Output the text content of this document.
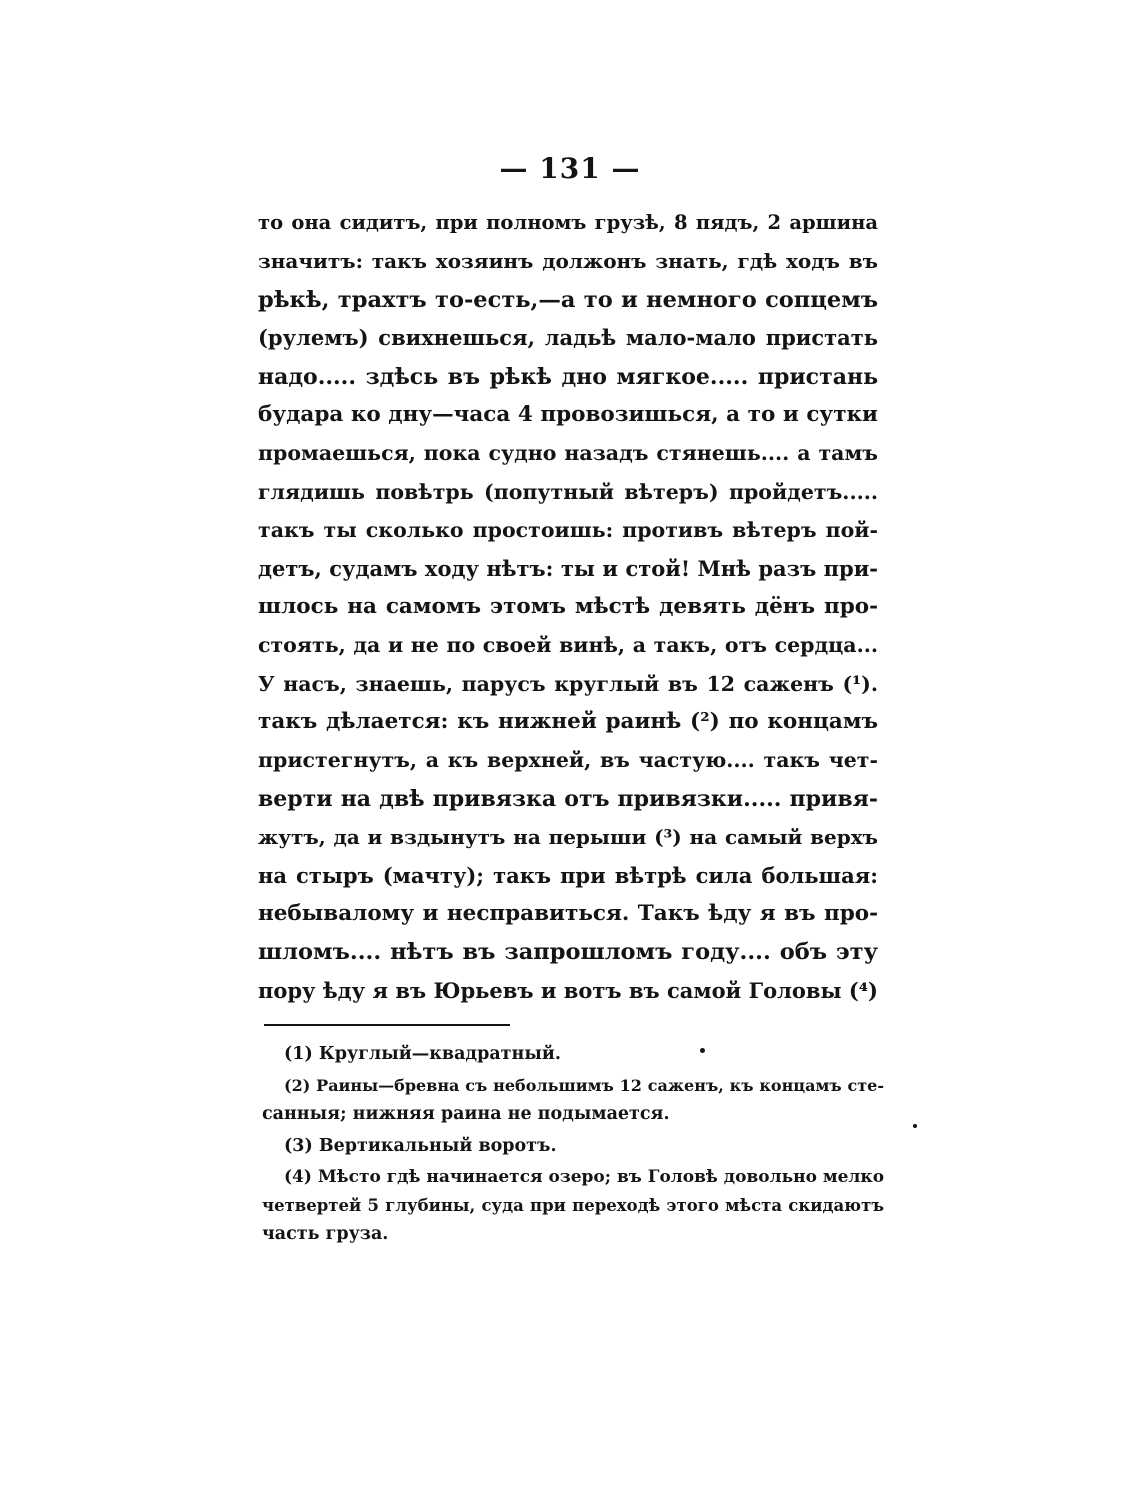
— 131 —
то она сидитъ, при полномъ грузѣ, 8 пядъ, 2 аршина
значитъ: такъ хозяинъ должонъ знать, гдѣ ходъ въ
рѣкѣ, трахтъ то-есть,—а то и немного сопцемъ
(рулемъ) свихнешься, ладьѣ мало-мало пристать
надо..... здѣсь въ рѣкѣ дно мягкое..... пристань
будара ко дну—часа 4 провозишься, а то и сутки
промаешься, пока судно назадъ стянешь.... а тамъ
глядишь повѣтрь (попутный вѣтеръ) пройдетъ.....
такъ ты сколько простоишь: противъ вѣтеръ пой-
детъ, судамъ ходу нѣтъ: ты и стой! Мнѣ разъ при-
шлось на самомъ этомъ мѣстѣ девять дёнъ про-
стоять, да и не по своей винѣ, а такъ, отъ сердца...
У насъ, знаешь, парусъ круглый въ 12 саженъ (¹).
такъ дѣлается: къ нижней раинѣ (²) по концамъ
пристегнутъ, а къ верхней, въ частую.... такъ чет-
верти на двѣ привязка отъ привязки..... привя-
жутъ, да и вздынутъ на перыши (³) на самый верхъ
на стыръ (мачту); такъ при вѣтрѣ сила большая:
небывалому и несправиться. Такъ ѣду я въ про-
шломъ.... нѣтъ въ запрошломъ году.... объ эту
пору ѣду я въ Юрьевъ и вотъ въ самой Головы (⁴)
(1) Круглый—квадратный.
(2) Раины—бревна съ небольшимъ 12 саженъ, къ концамъ сте-
санныя; нижняя раина не подымается.
(3) Вертикальный воротъ.
(4) Мѣсто гдѣ начинается озеро; въ Головѣ довольно мелко
четвертей 5 глубины, суда при переходѣ этого мѣста скидаютъ
часть груза.
